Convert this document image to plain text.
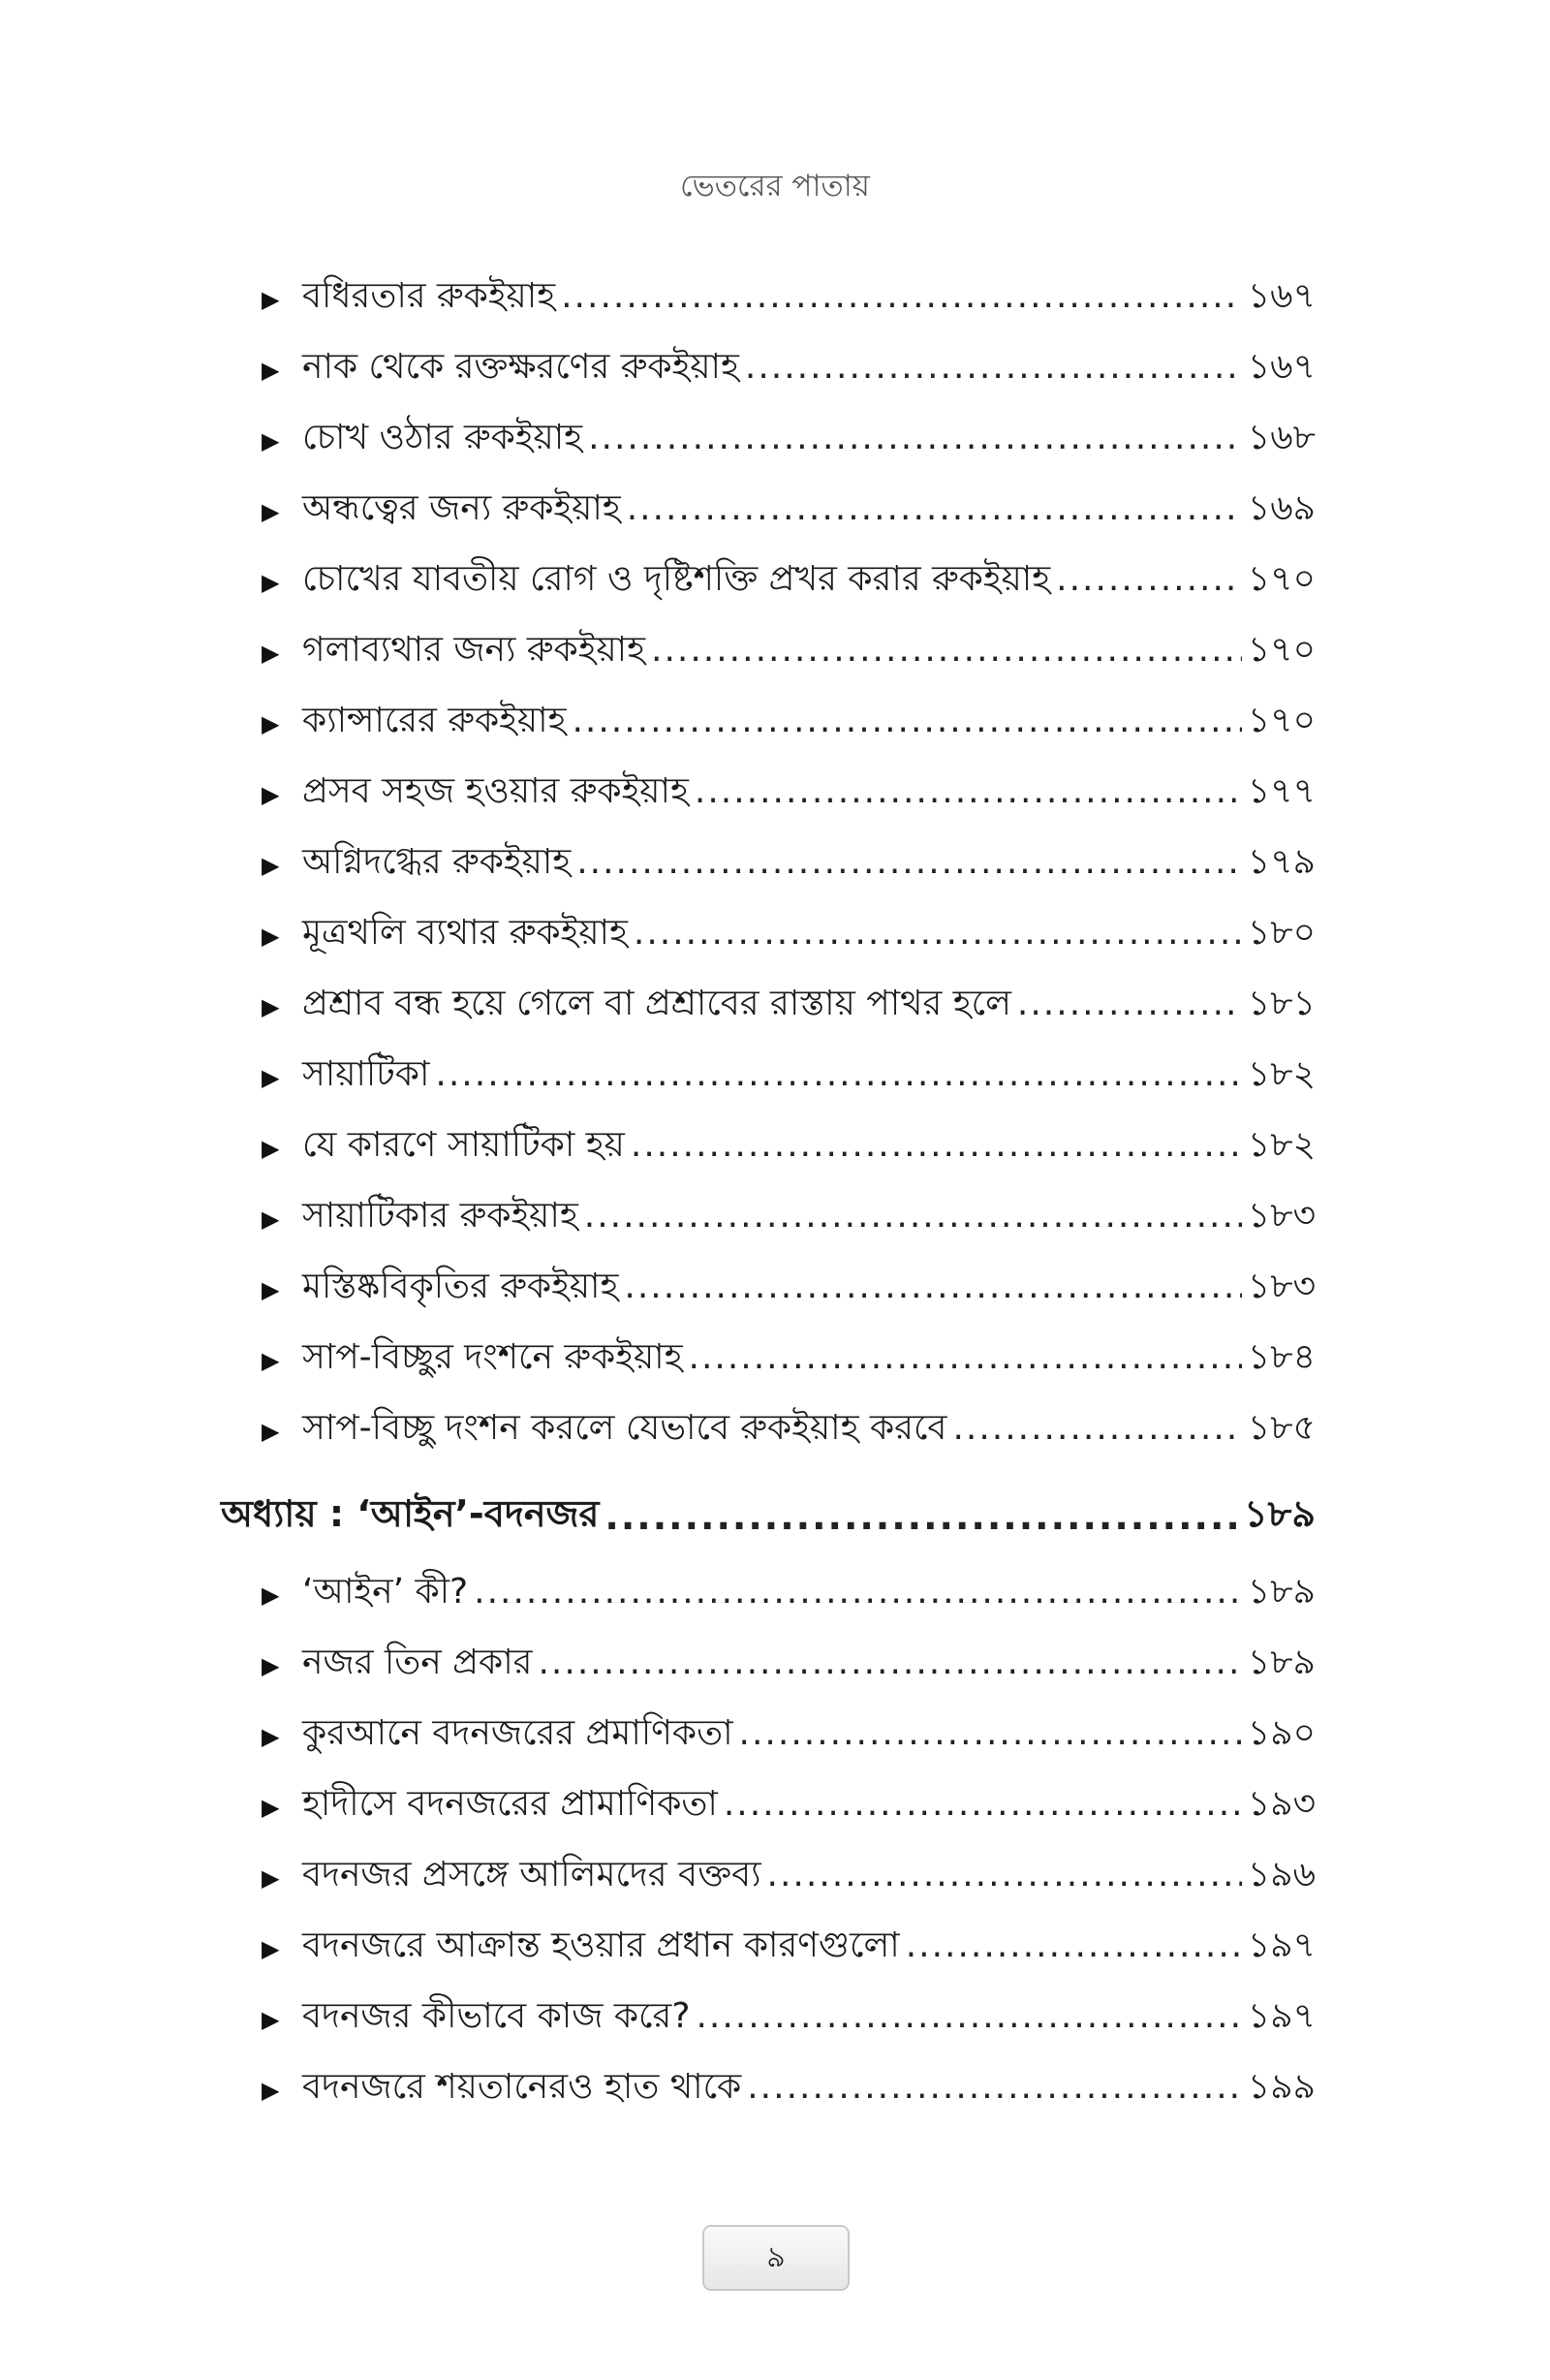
ভেতরের পাতায়
▶ বধিরতার রুকইয়াহ .....	১৬৭
▶ নাক থেকে রক্তক্ষরণের রুকইয়াহ .....	১৬৭
▶ চোখ ওঠার রুকইয়াহ .....	১৬৮
▶ অন্ধত্বের জন্য রুকইয়াহ .....	১৬৯
▶ চোখের যাবতীয় রোগ ও দৃষ্টিশক্তি প্রখর করার রুকইয়াহ .....	১৭০
▶ গলাব্যথার জন্য রুকইয়াহ .....	১৭০
▶ ক্যান্সারের রুকইয়াহ .....	১৭০
▶ প্রসব সহজ হওয়ার রুকইয়াহ .....	১৭৭
▶ অগ্নিদগ্ধের রুকইয়াহ .....	১৭৯
▶ মূত্রথলি ব্যথার রুকইয়াহ .....	১৮০
▶ প্রশ্রাব বন্ধ হয়ে গেলে বা প্রশ্রাবের রাস্তায় পাথর হলে .....	১৮১
▶ সায়াটিকা .....	১৮২
▶ যে কারণে সায়াটিকা হয় .....	১৮২
▶ সায়াটিকার রুকইয়াহ .....	১৮৩
▶ মস্তিষ্কবিকৃতির রুকইয়াহ .....	১৮৩
▶ সাপ-বিচ্ছুর দংশনে রুকইয়াহ .....	১৮৪
▶ সাপ-বিচ্ছু দংশন করলে যেভাবে রুকইয়াহ করবে .....	১৮৫
অধ্যায় : ‘আইন’-বদনজর .....	১৮৯
▶ ‘আইন’ কী? .....	১৮৯
▶ নজর তিন প্রকার .....	১৮৯
▶ কুরআনে বদনজরের প্রমাণিকতা .....	১৯০
▶ হাদীসে বদনজরের প্রামাণিকতা .....	১৯৩
▶ বদনজর প্রসঙ্গে আলিমদের বক্তব্য .....	১৯৬
▶ বদনজরে আক্রান্ত হওয়ার প্রধান কারণগুলো .....	১৯৭
▶ বদনজর কীভাবে কাজ করে? .....	১৯৭
▶ বদনজরে শয়তানেরও হাত থাকে .....	১৯৯
৯
